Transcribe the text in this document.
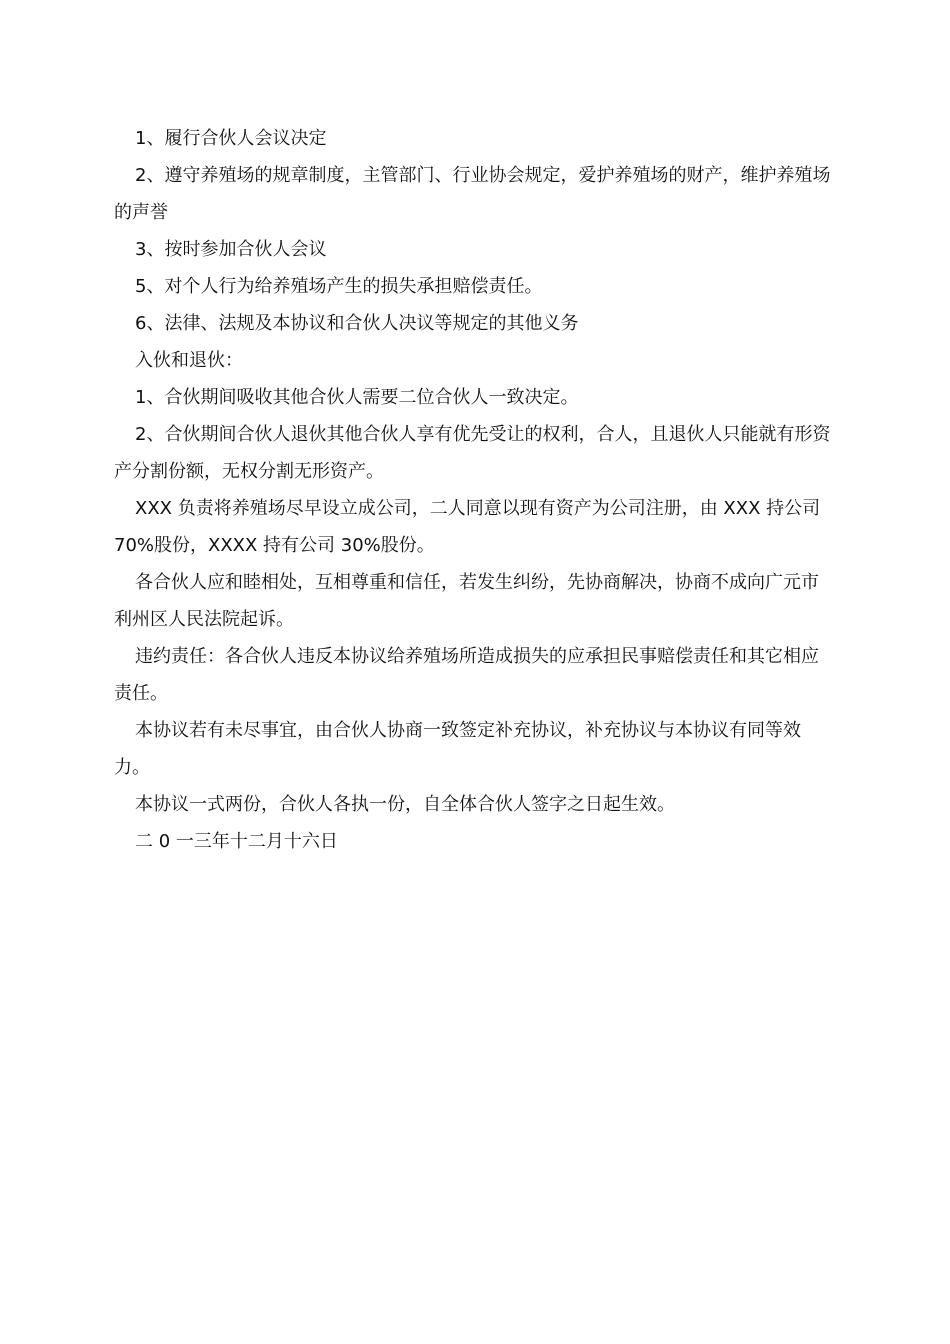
1、履行合伙人会议决定

2、遵守养殖场的规章制度，主管部门、行业协会规定，爱护养殖场的财产，维护养殖场的声誉

3、按时参加合伙人会议

5、对个人行为给养殖场产生的损失承担赔偿责任。

6、法律、法规及本协议和合伙人决议等规定的其他义务

入伙和退伙：

1、合伙期间吸收其他合伙人需要二位合伙人一致决定。

2、合伙期间合伙人退伙其他合伙人享有优先受让的权利，合人，且退伙人只能就有形资产分割份额，无权分割无形资产。

XXX 负责将养殖场尽早设立成公司，二人同意以现有资产为公司注册，由 XXX 持公司 70%股份，XXXX 持有公司 30%股份。

各合伙人应和睦相处，互相尊重和信任，若发生纠纷，先协商解决，协商不成向广元市利州区人民法院起诉。

违约责任：各合伙人违反本协议给养殖场所造成损失的应承担民事赔偿责任和其它相应责任。

本协议若有未尽事宜，由合伙人协商一致签定补充协议，补充协议与本协议有同等效力。

本协议一式两份，合伙人各执一份，自全体合伙人签字之日起生效。

二 0 一三年十二月十六日
